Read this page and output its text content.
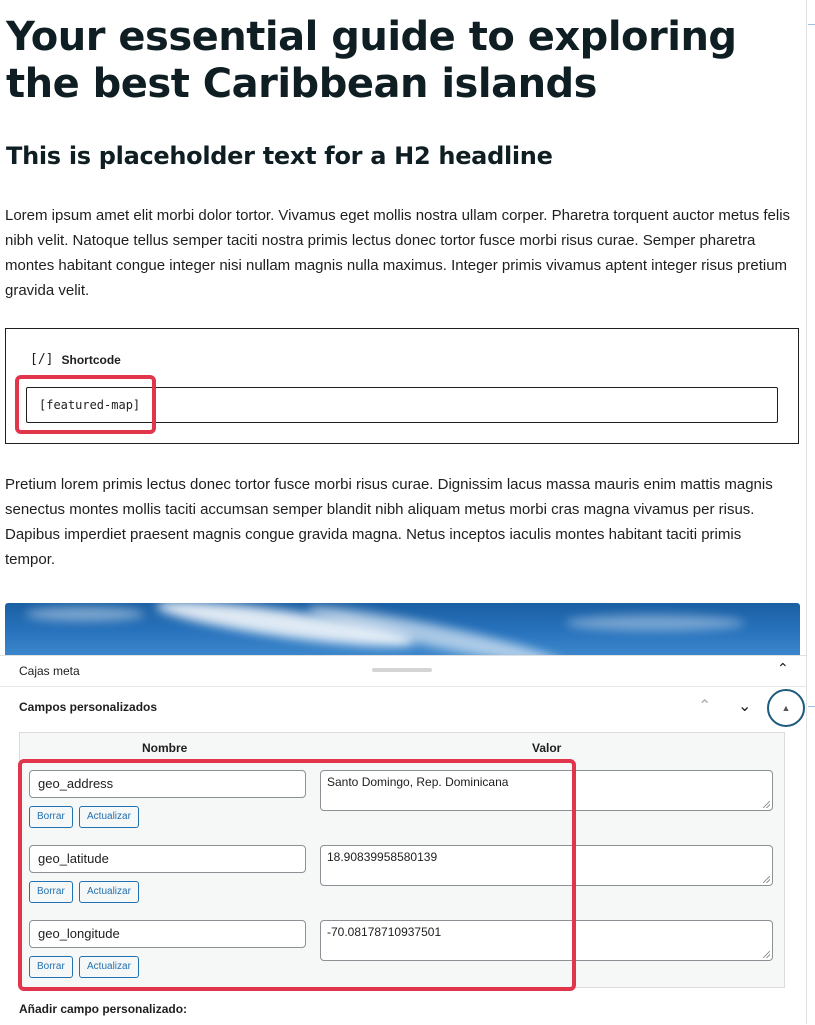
Your essential guide to exploring the best Caribbean islands
This is placeholder text for a H2 headline

Lorem ipsum amet elit morbi dolor tortor. Vivamus eget mollis nostra ullam corper. Pharetra torquent auctor metus felis nibh velit. Natoque tellus semper taciti nostra primis lectus donec tortor fusce morbi risus curae. Semper pharetra montes habitant congue integer nisi nullam magnis nulla maximus. Integer primis vivamus aptent integer risus pretium gravida velit.

[/] Shortcode
[featured-map]

Pretium lorem primis lectus donec tortor fusce morbi risus curae. Dignissim lacus massa mauris enim mattis magnis senectus montes mollis taciti accumsan semper blandit nibh aliquam metus morbi cras magna vivamus per risus. Dapibus imperdiet praesent magnis congue gravida magna. Netus inceptos iaculis montes habitant taciti primis tempor.

Cajas meta	⌃
Campos personalizados	⌃ ⌄	▲
Nombre	Valor
geo_address	Santo Domingo, Rep. Dominicana
Borrar	Actualizar
geo_latitude	18.90839958580139
Borrar	Actualizar
geo_longitude	-70.08178710937501
Borrar	Actualizar
Añadir campo personalizado:
